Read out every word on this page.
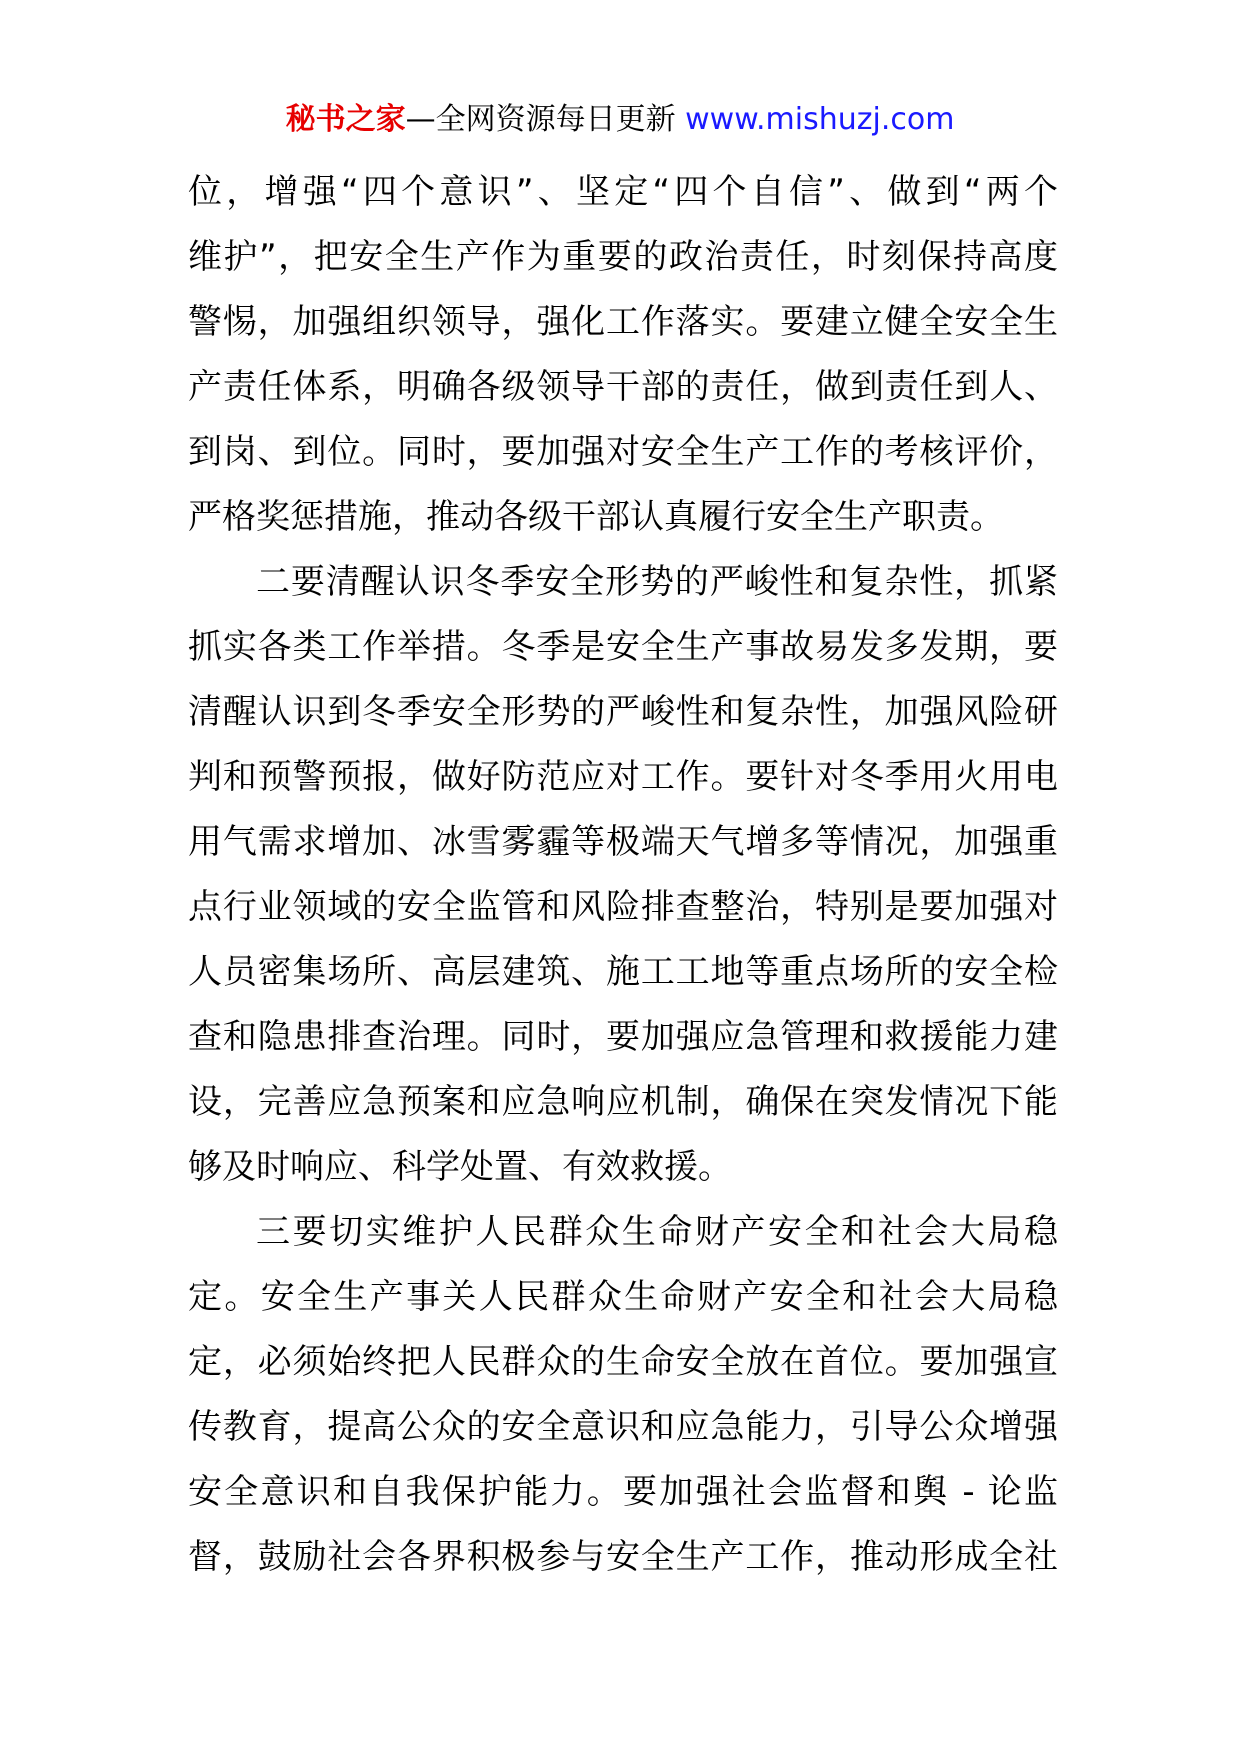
秘书之家—全网资源每日更新 www.mishuzj.com
位，增强“四个意识”、坚定“四个自信”、做到“两个
维护”，把安全生产作为重要的政治责任，时刻保持高度
警惕，加强组织领导，强化工作落实。要建立健全安全生
产责任体系，明确各级领导干部的责任，做到责任到人、
到岗、到位。同时，要加强对安全生产工作的考核评价，
严格奖惩措施，推动各级干部认真履行安全生产职责。
二要清醒认识冬季安全形势的严峻性和复杂性，抓紧
抓实各类工作举措。冬季是安全生产事故易发多发期，要
清醒认识到冬季安全形势的严峻性和复杂性，加强风险研
判和预警预报，做好防范应对工作。要针对冬季用火用电
用气需求增加、冰雪雾霾等极端天气增多等情况，加强重
点行业领域的安全监管和风险排查整治，特别是要加强对
人员密集场所、高层建筑、施工工地等重点场所的安全检
查和隐患排查治理。同时，要加强应急管理和救援能力建
设，完善应急预案和应急响应机制，确保在突发情况下能
够及时响应、科学处置、有效救援。
三要切实维护人民群众生命财产安全和社会大局稳
定。安全生产事关人民群众生命财产安全和社会大局稳
定，必须始终把人民群众的生命安全放在首位。要加强宣
传教育，提高公众的安全意识和应急能力，引导公众增强
安全意识和自我保护能力。要加强社会监督和舆 - 论监
督，鼓励社会各界积极参与安全生产工作，推动形成全社
